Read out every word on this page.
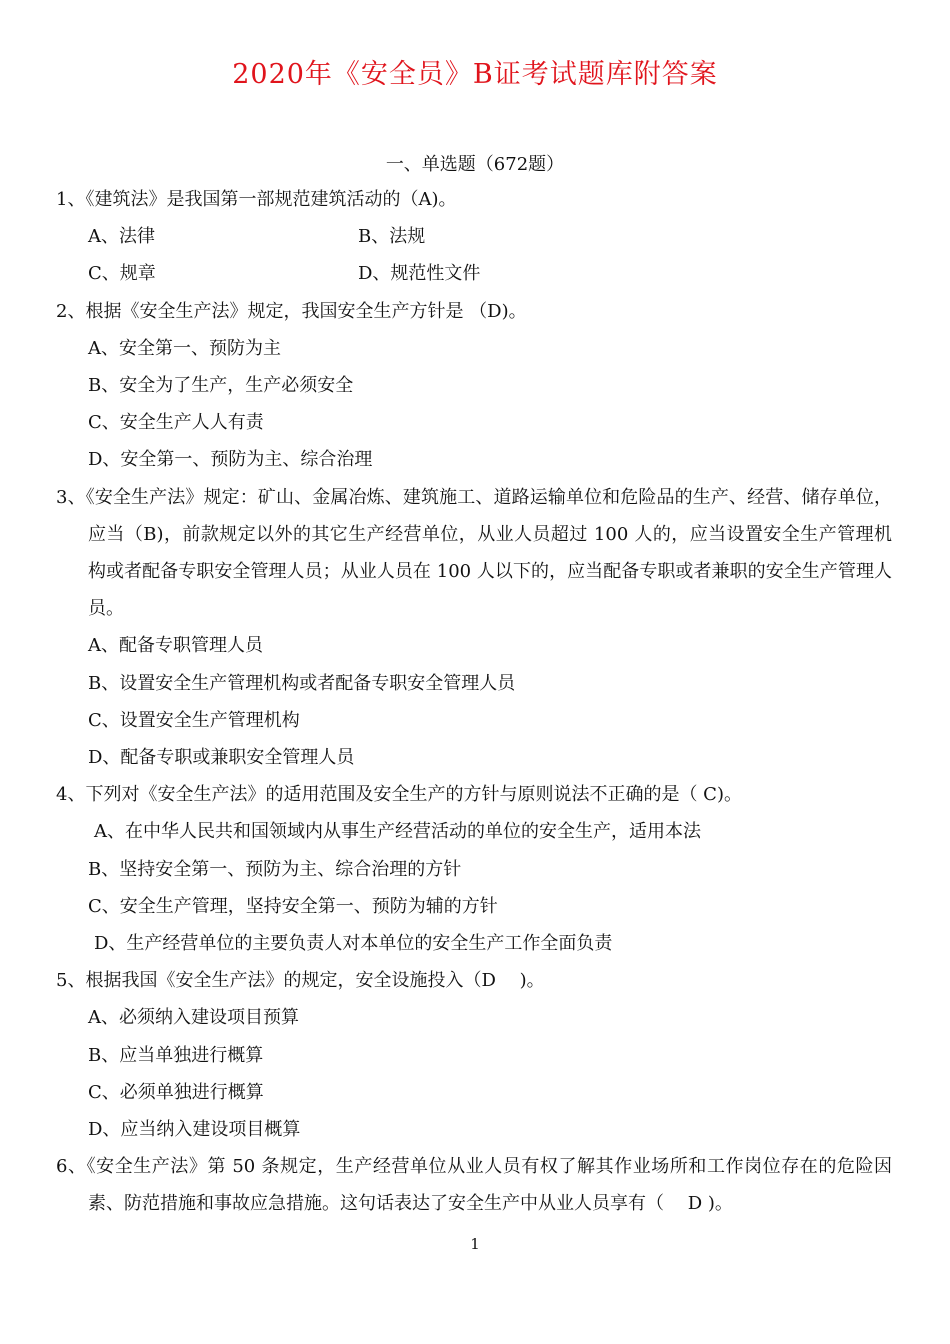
2020年《安全员》B证考试题库附答案
一、单选题（672题）

1、《建筑法》是我国第一部规范建筑活动的（A)。

A、法律	B、法规
C、规章	D、规范性文件

2、根据《安全生产法》规定，我国安全生产方针是 （D)。

A、安全第一、预防为主

B、安全为了生产，生产必须安全

C、安全生产人人有责

D、安全第一、预防为主、综合治理

3、《安全生产法》规定：矿山、金属冶炼、建筑施工、道路运输单位和危险品的生产、经营、储存单位，应当（B)，前款规定以外的其它生产经营单位，从业人员超过 100 人的，应当设置安全生产管理机构或者配备专职安全管理人员；从业人员在 100 人以下的，应当配备专职或者兼职的安全生产管理人员。

A、配备专职管理人员

B、设置安全生产管理机构或者配备专职安全管理人员

C、设置安全生产管理机构

D、配备专职或兼职安全管理人员

4、下列对《安全生产法》的适用范围及安全生产的方针与原则说法不正确的是（ C)。

A、在中华人民共和国领域内从事生产经营活动的单位的安全生产，适用本法

B、坚持安全第一、预防为主、综合治理的方针

C、安全生产管理，坚持安全第一、预防为辅的方针

D、生产经营单位的主要负责人对本单位的安全生产工作全面负责

5、根据我国《安全生产法》的规定，安全设施投入（D　 )。

A、必须纳入建设项目预算

B、应当单独进行概算

C、必须单独进行概算

D、应当纳入建设项目概算

6、《安全生产法》第 50 条规定，生产经营单位从业人员有权了解其作业场所和工作岗位存在的危险因素、防范措施和事故应急措施。这句话表达了安全生产中从业人员享有（　 D )。

1
